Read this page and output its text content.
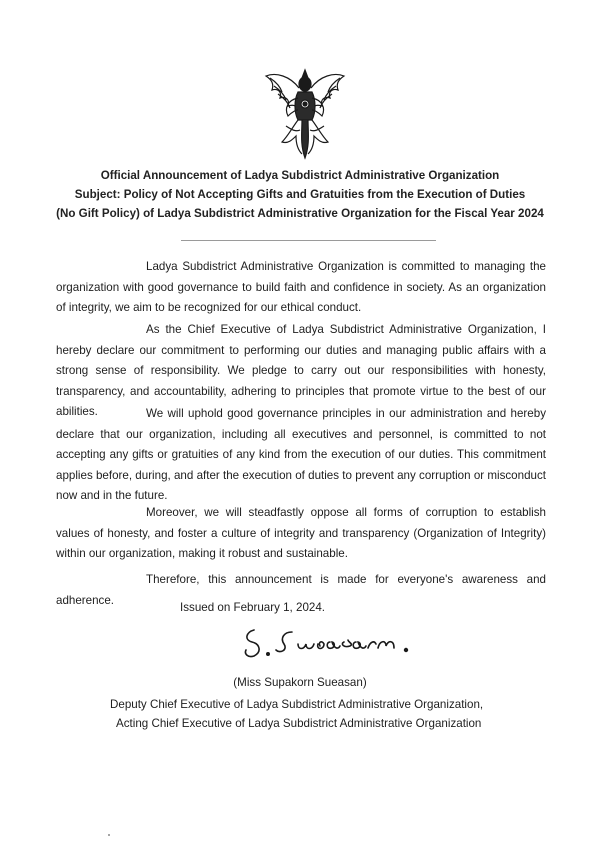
Official Announcement of Ladya Subdistrict Administrative Organization
Subject: Policy of Not Accepting Gifts and Gratuities from the Execution of Duties
(No Gift Policy) of Ladya Subdistrict Administrative Organization for the Fiscal Year 2024
Ladya Subdistrict Administrative Organization is committed to managing the organization with good governance to build faith and confidence in society. As an organization of integrity, we aim to be recognized for our ethical conduct.
As the Chief Executive of Ladya Subdistrict Administrative Organization, I hereby declare our commitment to performing our duties and managing public affairs with a strong sense of responsibility. We pledge to carry out our responsibilities with honesty, transparency, and accountability, adhering to principles that promote virtue to the best of our abilities.	We will uphold good governance principles in our administration and hereby declare that our organization, including all executives and personnel, is committed to not accepting any gifts or gratuities of any kind from the execution of our duties. This commitment applies before, during, and after the execution of duties to prevent any corruption or misconduct now and in the future.
Moreover, we will steadfastly oppose all forms of corruption to establish values of honesty, and foster a culture of integrity and transparency (Organization of Integrity) within our organization, making it robust and sustainable.
Therefore, this announcement is made for everyone's awareness and adherence.
Issued on February 1, 2024.
(Miss Supakorn Sueasan)
Deputy Chief Executive of Ladya Subdistrict Administrative Organization,
Acting Chief Executive of Ladya Subdistrict Administrative Organization
